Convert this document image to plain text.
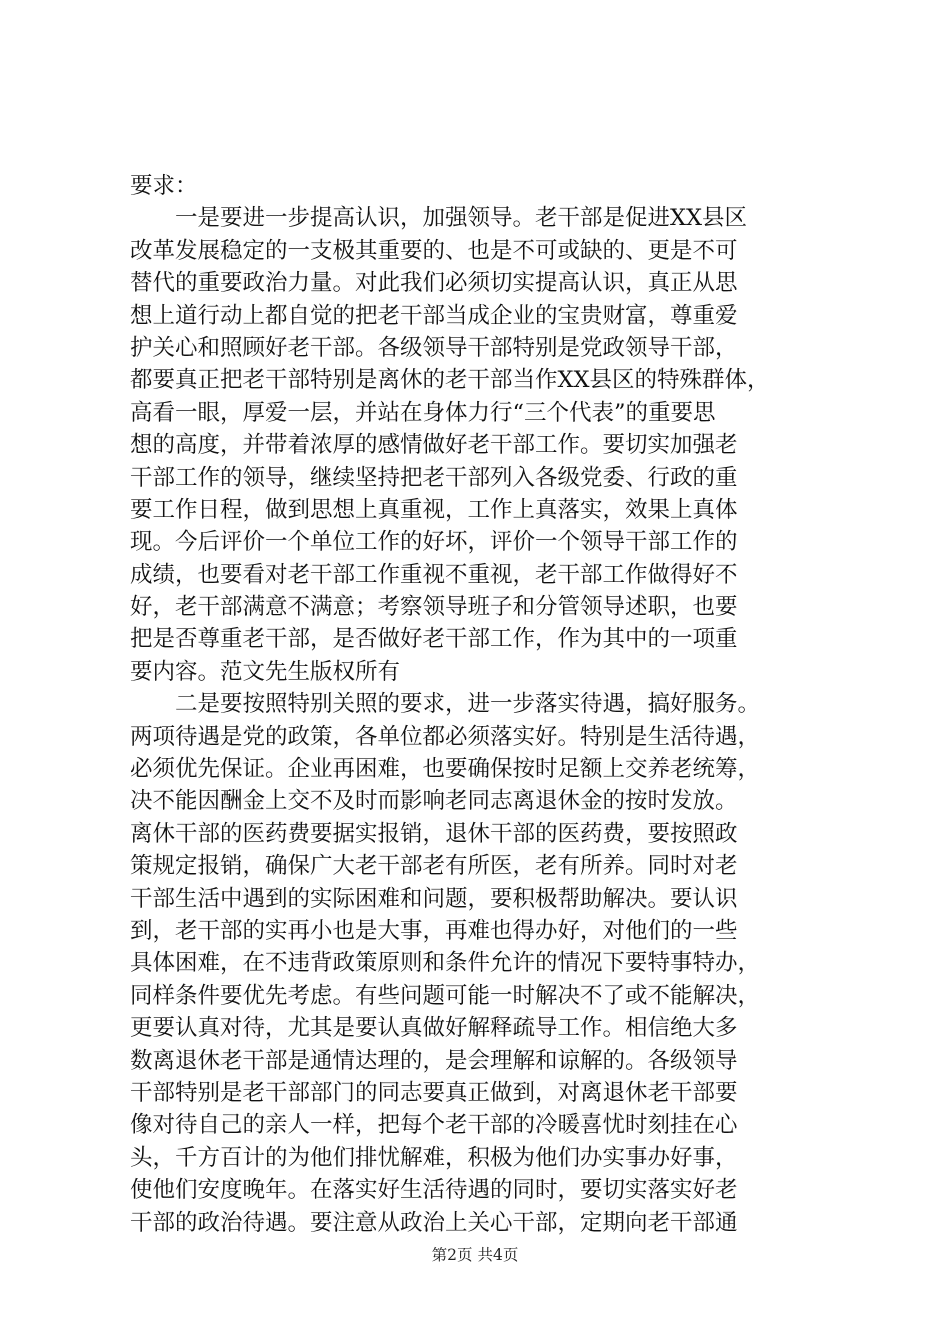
要求：
一是要进一步提高认识，加强领导。老干部是促进XX县区
改革发展稳定的一支极其重要的、也是不可或缺的、更是不可
替代的重要政治力量。对此我们必须切实提高认识，真正从思
想上道行动上都自觉的把老干部当成企业的宝贵财富，尊重爱
护关心和照顾好老干部。各级领导干部特别是党政领导干部，
都要真正把老干部特别是离休的老干部当作XX县区的特殊群体，
高看一眼，厚爱一层，并站在身体力行“三个代表”的重要思
想的高度，并带着浓厚的感情做好老干部工作。要切实加强老
干部工作的领导，继续坚持把老干部列入各级党委、行政的重
要工作日程，做到思想上真重视，工作上真落实，效果上真体
现。今后评价一个单位工作的好坏，评价一个领导干部工作的
成绩，也要看对老干部工作重视不重视，老干部工作做得好不
好，老干部满意不满意；考察领导班子和分管领导述职，也要
把是否尊重老干部，是否做好老干部工作，作为其中的一项重
要内容。范文先生版权所有
二是要按照特别关照的要求，进一步落实待遇，搞好服务。
两项待遇是党的政策，各单位都必须落实好。特别是生活待遇，
必须优先保证。企业再困难，也要确保按时足额上交养老统筹，
决不能因酬金上交不及时而影响老同志离退休金的按时发放。
离休干部的医药费要据实报销，退休干部的医药费，要按照政
策规定报销，确保广大老干部老有所医，老有所养。同时对老
干部生活中遇到的实际困难和问题，要积极帮助解决。要认识
到，老干部的实再小也是大事，再难也得办好，对他们的一些
具体困难，在不违背政策原则和条件允许的情况下要特事特办，
同样条件要优先考虑。有些问题可能一时解决不了或不能解决，
更要认真对待，尤其是要认真做好解释疏导工作。相信绝大多
数离退休老干部是通情达理的，是会理解和谅解的。各级领导
干部特别是老干部部门的同志要真正做到，对离退休老干部要
像对待自己的亲人一样，把每个老干部的冷暖喜忧时刻挂在心
头，千方百计的为他们排忧解难，积极为他们办实事办好事，
使他们安度晚年。在落实好生活待遇的同时，要切实落实好老
干部的政治待遇。要注意从政治上关心干部，定期向老干部通
第2页 共4页
